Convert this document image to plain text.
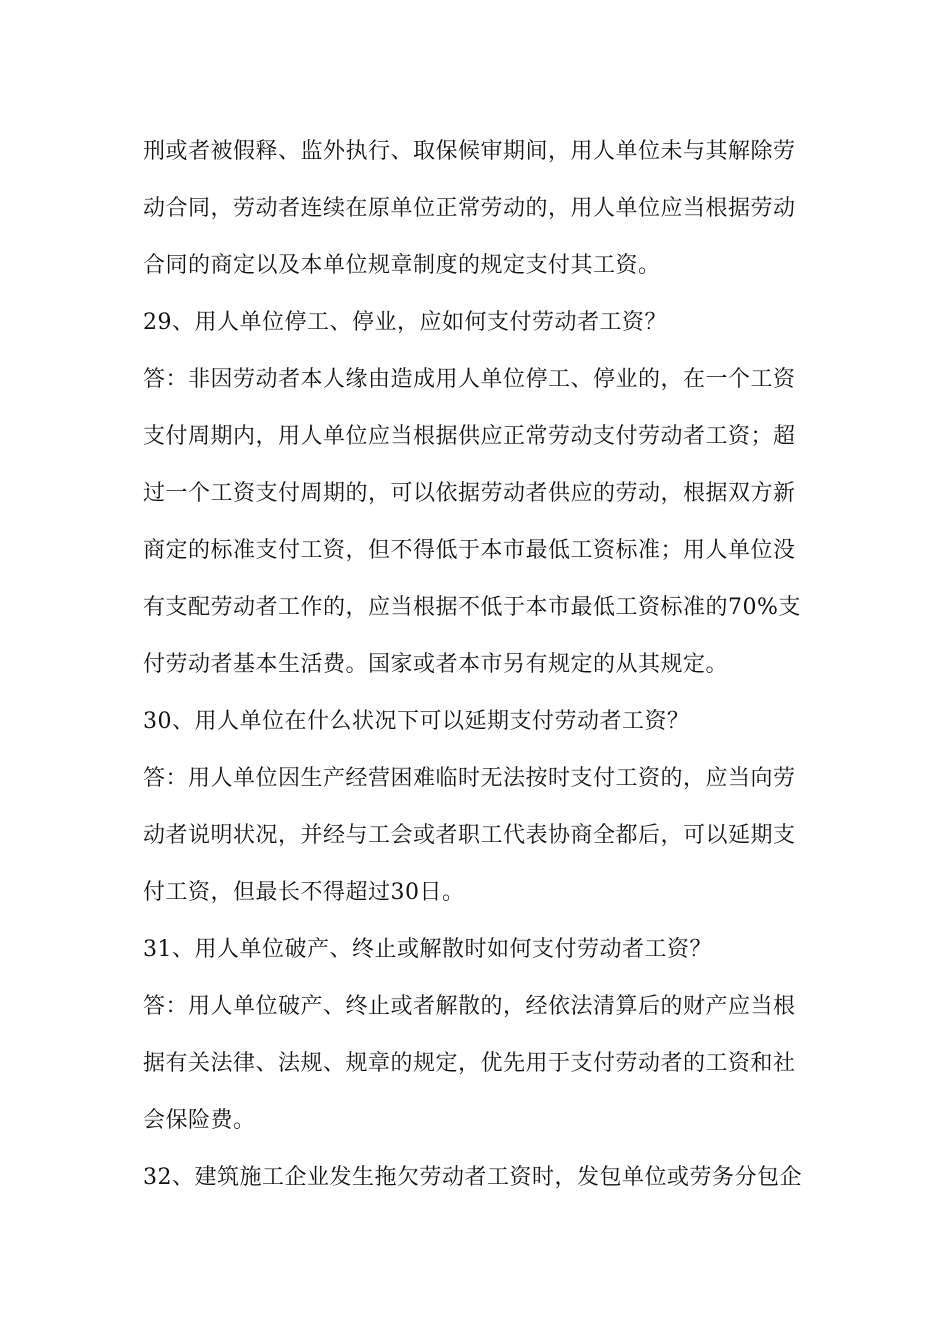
刑或者被假释、监外执行、取保候审期间，用人单位未与其解除劳
动合同，劳动者连续在原单位正常劳动的，用人单位应当根据劳动
合同的商定以及本单位规章制度的规定支付其工资。
29、用人单位停工、停业，应如何支付劳动者工资？
答：非因劳动者本人缘由造成用人单位停工、停业的，在一个工资
支付周期内，用人单位应当根据供应正常劳动支付劳动者工资；超
过一个工资支付周期的，可以依据劳动者供应的劳动，根据双方新
商定的标准支付工资，但不得低于本市最低工资标准；用人单位没
有支配劳动者工作的，应当根据不低于本市最低工资标准的70%支
付劳动者基本生活费。国家或者本市另有规定的从其规定。
30、用人单位在什么状况下可以延期支付劳动者工资？
答：用人单位因生产经营困难临时无法按时支付工资的，应当向劳
动者说明状况，并经与工会或者职工代表协商全都后，可以延期支
付工资，但最长不得超过30日。
31、用人单位破产、终止或解散时如何支付劳动者工资？
答：用人单位破产、终止或者解散的，经依法清算后的财产应当根
据有关法律、法规、规章的规定，优先用于支付劳动者的工资和社
会保险费。
32、建筑施工企业发生拖欠劳动者工资时，发包单位或劳务分包企
